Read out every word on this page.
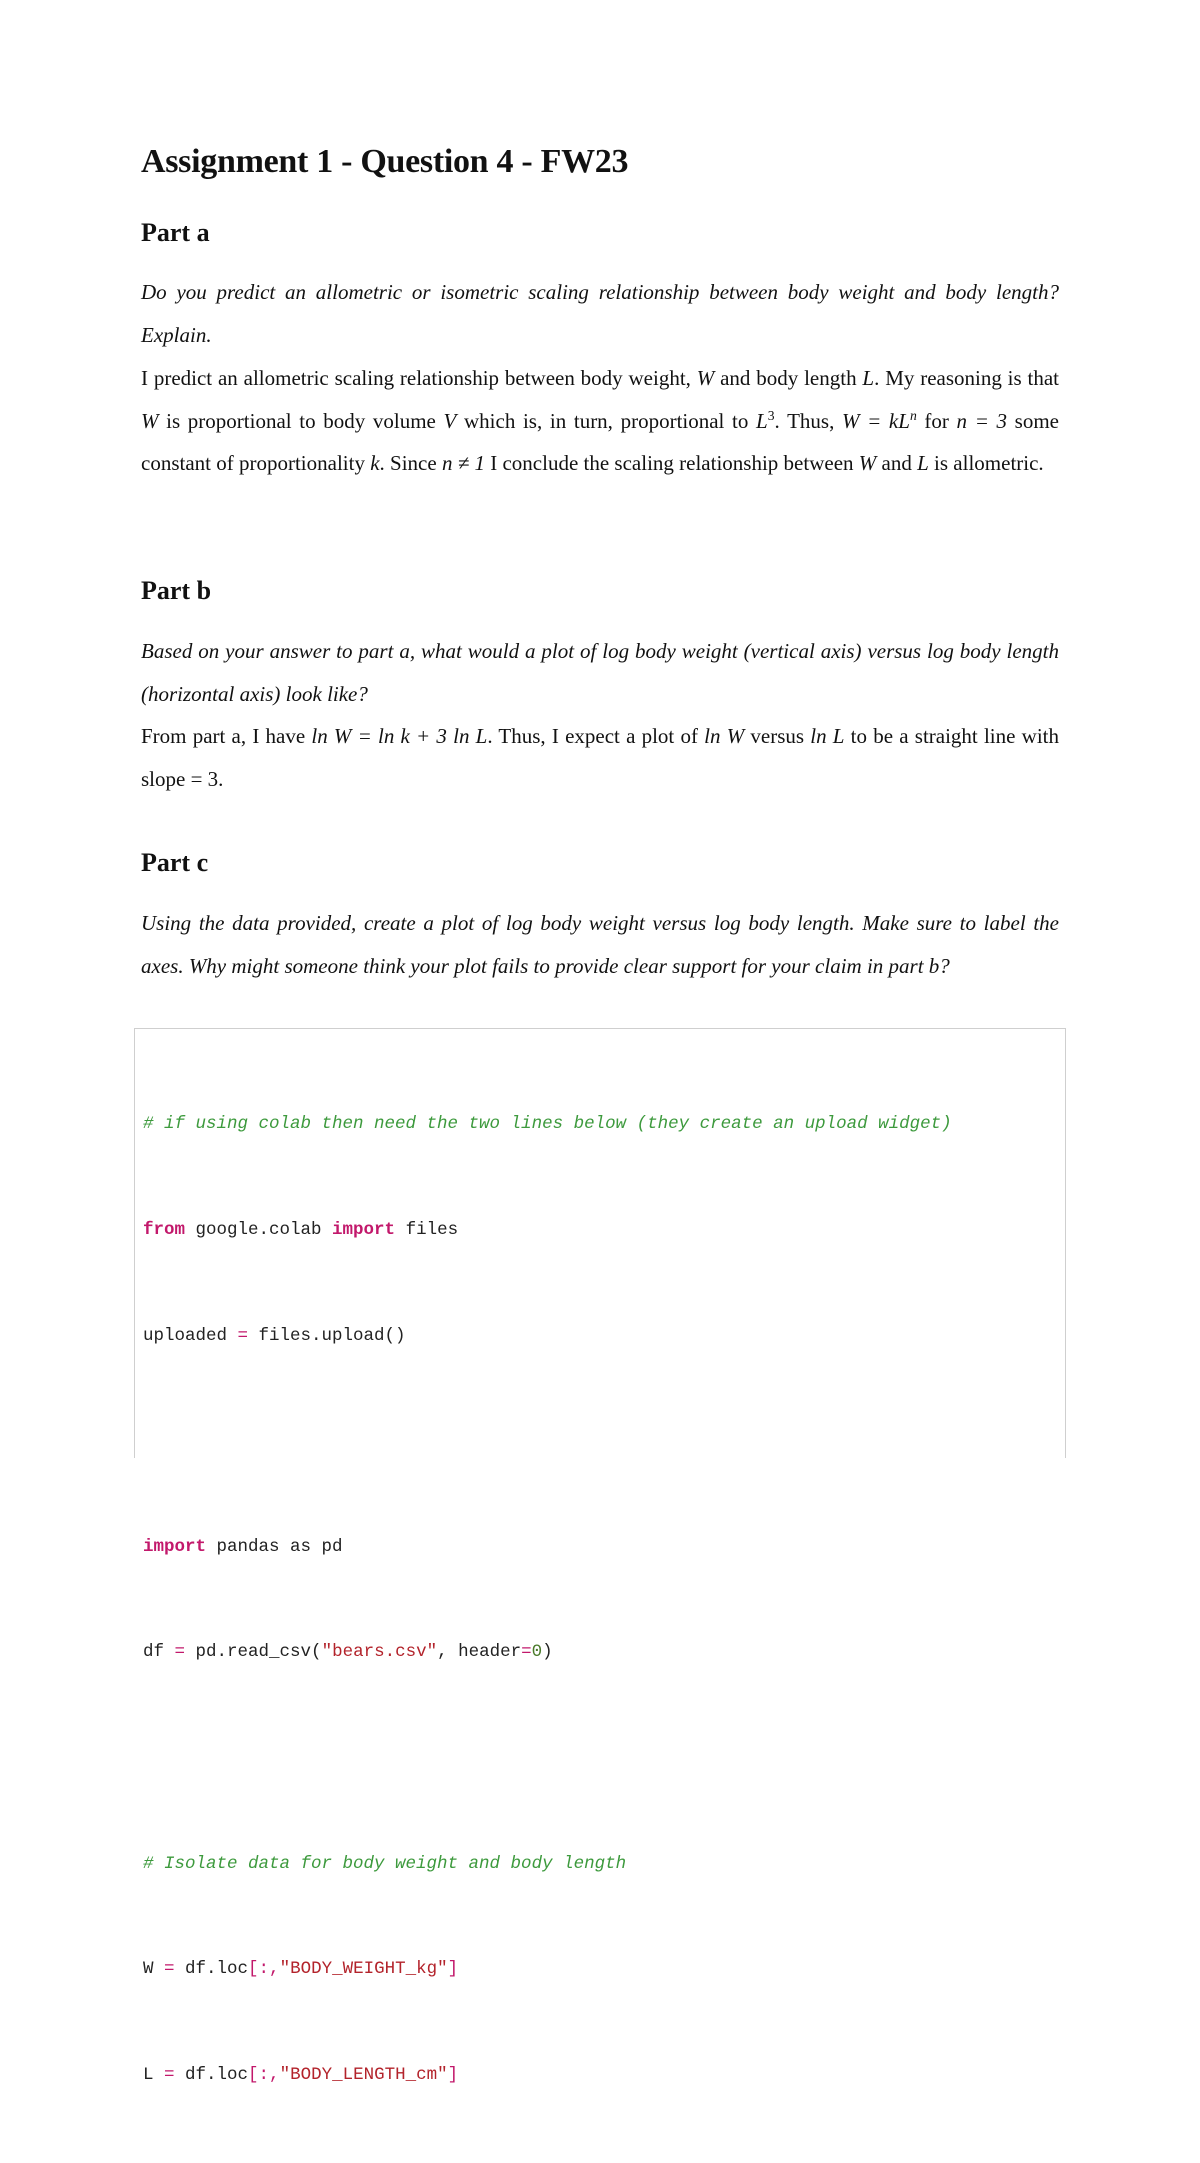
Assignment 1 - Question 4 - FW23
Part a

Do you predict an allometric or isometric scaling relationship between body weight and body length? Explain.

I predict an allometric scaling relationship between body weight, W and body length L. My reasoning is that W is proportional to body volume V which is, in turn, proportional to $L^3$. Thus, $W = kL^n$ for n = 3 some constant of proportionality k. Since n ≠ 1 I conclude the scaling relationship between W and L is allometric.

Part b

Based on your answer to part a, what would a plot of log body weight (vertical axis) versus log body length (horizontal axis) look like?

From part a, I have ln W = ln k + 3 ln L. Thus, I expect a plot of ln W versus ln L to be a straight line with slope = 3.

Part c

Using the data provided, create a plot of log body weight versus log body length. Make sure to label the axes. Why might someone think your plot fails to provide clear support for your claim in part b?

# if using colab then need the two lines below (they create an upload widget)

from google.colab import files

uploaded = files.upload()

import pandas as pd

df = pd.read_csv("bears.csv", header=0)

# Isolate data for body weight and body length

W = df.loc[:,"BODY_WEIGHT_kg"]

L = df.loc[:,"BODY_LENGTH_cm"]
